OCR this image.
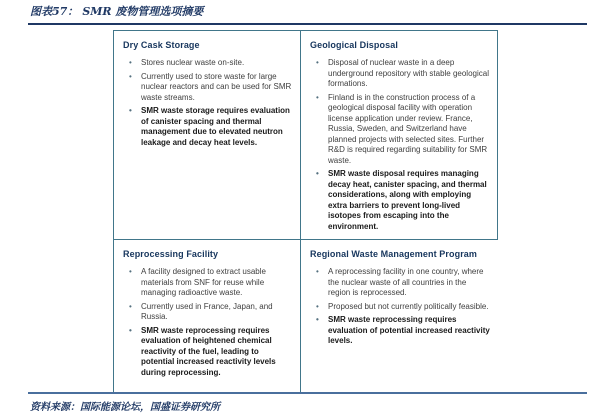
图表57： SMR 废物管理选项摘要
Dry Cask Storage
• Stores nuclear waste on-site.
• Currently used to store waste for large nuclear reactors and can be used for SMR waste streams.
• SMR waste storage requires evaluation of canister spacing and thermal management due to elevated neutron leakage and decay heat levels.
Geological Disposal
• Disposal of nuclear waste in a deep underground repository with stable geological formations.
• Finland is in the construction process of a geological disposal facility with operation license application under review. France, Russia, Sweden, and Switzerland have planned projects with selected sites. Further R&D is required regarding suitability for SMR waste.
• SMR waste disposal requires managing decay heat, canister spacing, and thermal considerations, along with employing extra barriers to prevent long-lived isotopes from escaping into the environment.
Reprocessing Facility
• A facility designed to extract usable materials from SNF for reuse while managing radioactive waste.
• Currently used in France, Japan, and Russia.
• SMR waste reprocessing requires evaluation of heightened chemical reactivity of the fuel, leading to potential increased reactivity levels during reprocessing.
Regional Waste Management Program
• A reprocessing facility in one country, where the nuclear waste of all countries in the region is reprocessed.
• Proposed but not currently politically feasible.
• SMR waste reprocessing requires evaluation of potential increased reactivity levels.
资料来源：国际能源论坛，国盛证券研究所
